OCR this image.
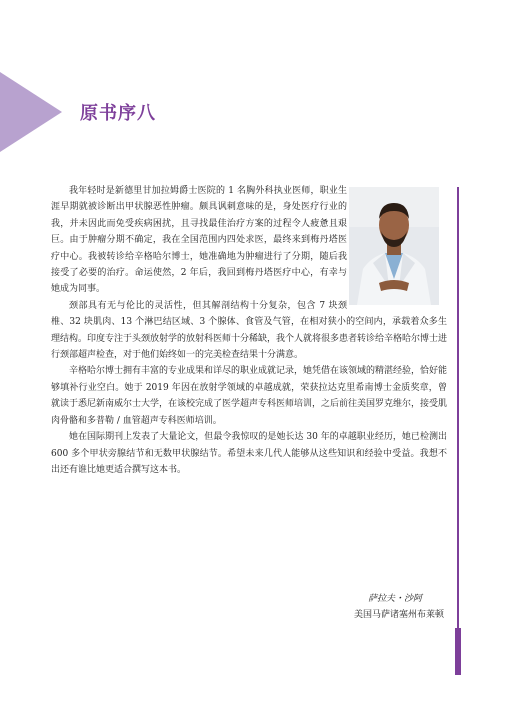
原书序八

我年轻时是新德里甘加拉姆爵士医院的 1 名胸外科执业医师，职业生涯早期就被诊断出甲状腺恶性肿瘤。颇具讽刺意味的是，身处医疗行业的我，并未因此而免受疾病困扰，且寻找最佳治疗方案的过程令人疲惫且艰巨。由于肿瘤分期不确定，我在全国范围内四处求医，最终来到梅丹塔医疗中心。我被转诊给辛格哈尔博士，她准确地为肿瘤进行了分期，随后我接受了必要的治疗。命运使然，2 年后，我回到梅丹塔医疗中心，有幸与她成为同事。

颈部具有无与伦比的灵活性，但其解剖结构十分复杂，包含 7 块颈椎、32 块肌肉、13 个淋巴结区域、3 个腺体、食管及气管，在相对狭小的空间内，承载着众多生理结构。印度专注于头颈放射学的放射科医师十分稀缺，我个人就将很多患者转诊给辛格哈尔博士进行颈部超声检查，对于他们始终如一的完美检查结果十分满意。

辛格哈尔博士拥有丰富的专业成果和详尽的职业成就记录，她凭借在该领域的精湛经验，恰好能够填补行业空白。她于 2019 年因在放射学领域的卓越成就，荣获拉达克里希南博士金质奖章，曾就读于悉尼新南威尔士大学，在该校完成了医学超声专科医师培训，之后前往美国罗克维尔，接受肌肉骨骼和多普勒 / 血管超声专科医师培训。

她在国际期刊上发表了大量论文，但最令我惊叹的是她长达 30 年的卓越职业经历，她已检测出 600 多个甲状旁腺结节和无数甲状腺结节。希望未来几代人能够从这些知识和经验中受益。我想不出还有谁比她更适合撰写这本书。

萨拉夫・沙阿
美国马萨诸塞州布莱顿
